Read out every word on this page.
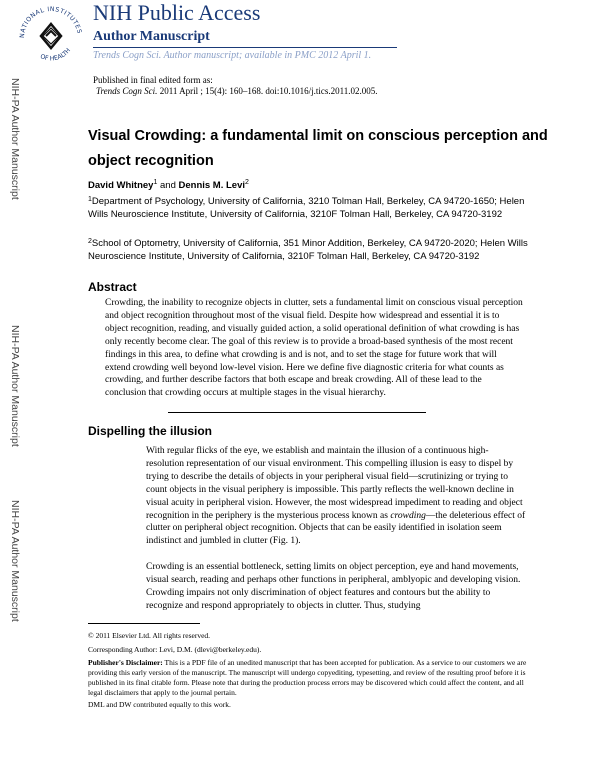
NIH-PA Author Manuscript
NIH-PA Author Manuscript
NIH-PA Author Manuscript
NATIONAL INSTITUTES
OF HEALTH
NIH Public Access
Author Manuscript
Trends Cogn Sci. Author manuscript; available in PMC 2012 April 1.
Published in final edited form as:
Trends Cogn Sci. 2011 April ; 15(4): 160–168. doi:10.1016/j.tics.2011.02.005.
Visual Crowding: a fundamental limit on conscious perception and object recognition
David Whitney$^1$ and Dennis M. Levi$^2$
$^1$Department of Psychology, University of California, 3210 Tolman Hall, Berkeley, CA 94720-1650; Helen Wills Neuroscience Institute, University of California, 3210F Tolman Hall, Berkeley, CA 94720-3192
$^2$School of Optometry, University of California, 351 Minor Addition, Berkeley, CA 94720-2020; Helen Wills Neuroscience Institute, University of California, 3210F Tolman Hall, Berkeley, CA 94720-3192
Abstract
Crowding, the inability to recognize objects in clutter, sets a fundamental limit on conscious visual perception and object recognition throughout most of the visual field. Despite how widespread and essential it is to object recognition, reading, and visually guided action, a solid operational definition of what crowding is has only recently become clear. The goal of this review is to provide a broad-based synthesis of the most recent findings in this area, to define what crowding is and is not, and to set the stage for future work that will extend crowding well beyond low-level vision. Here we define five diagnostic criteria for what counts as crowding, and further describe factors that both escape and break crowding. All of these lead to the conclusion that crowding occurs at multiple stages in the visual hierarchy.
Dispelling the illusion
With regular flicks of the eye, we establish and maintain the illusion of a continuous high-resolution representation of our visual environment. This compelling illusion is easy to dispel by trying to describe the details of objects in your peripheral visual field—scrutinizing or trying to count objects in the visual periphery is impossible. This partly reflects the well-known decline in visual acuity in peripheral vision. However, the most widespread impediment to reading and object recognition in the periphery is the mysterious process known as crowding—the deleterious effect of clutter on peripheral object recognition. Objects that can be easily identified in isolation seem indistinct and jumbled in clutter (Fig. 1).
Crowding is an essential bottleneck, setting limits on object perception, eye and hand movements, visual search, reading and perhaps other functions in peripheral, amblyopic and developing vision. Crowding impairs not only discrimination of object features and contours but the ability to recognize and respond appropriately to objects in clutter. Thus, studying
© 2011 Elsevier Ltd. All rights reserved.
Corresponding Author: Levi, D.M. (dlevi@berkeley.edu).
Publisher's Disclaimer: This is a PDF file of an unedited manuscript that has been accepted for publication. As a service to our customers we are providing this early version of the manuscript. The manuscript will undergo copyediting, typesetting, and review of the resulting proof before it is published in its final citable form. Please note that during the production process errors may be discovered which could affect the content, and all legal disclaimers that apply to the journal pertain.
DML and DW contributed equally to this work.
